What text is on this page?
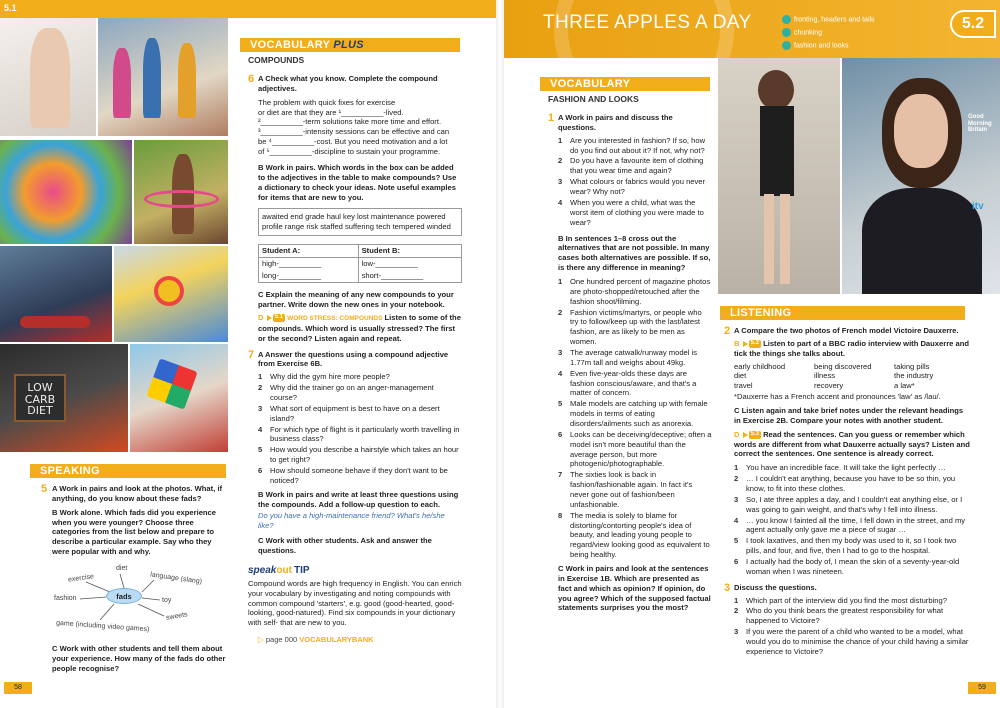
5.1
LOW CARB DIET
SPEAKING
5 A Work in pairs and look at the photos. What, if anything, do you know about these fads?
B Work alone. Which fads did you experience when you were younger? Choose three categories from the list below and prepare to describe a particular example. Say who they were popular with and why.
fads
diet
exercise	language (slang)
fashion	toy
sweets
game (including video games)
C Work with other students and tell them about your experience. How many of the fads do other people recognise?
VOCABULARY PLUS
COMPOUNDS
6 A Check what you know. Complete the compound adjectives.
The problem with quick fixes for exercise
or diet are that they are ¹__________-lived.
²__________-term solutions take more time and effort.
³__________-intensity sessions can be effective and can
be ⁴__________-cost. But you need motivation and a lot
of ⁵__________-discipline to sustain your programme.
B Work in pairs. Which words in the box can be added to the adjectives in the table to make compounds? Use a dictionary to check your ideas. Note useful examples for items that are new to you.
awaited end grade haul key lost maintenance powered profile range risk staffed suffering tech tempered winded
Student A:	Student B:
high-__________	low-__________
long-__________	short-__________
C Explain the meaning of any new compounds to your partner. Write down the new ones in your notebook.
D 5.1 WORD STRESS: COMPOUNDS Listen to some of the compounds. Which word is usually stressed? The first or the second? Listen again and repeat.
7 A Answer the questions using a compound adjective from Exercise 6B.
1 Why did the gym hire more people?
2 Why did the trainer go on an anger-management course?
3 What sort of equipment is best to have on a desert island?
4 For which type of flight is it particularly worth travelling in business class?
5 How would you describe a hairstyle which takes an hour to get right?
6 How should someone behave if they don't want to be noticed?
B Work in pairs and write at least three questions using the compounds. Add a follow-up question to each.
Do you have a high-maintenance friend? What's he/she like?
C Work with other students. Ask and answer the questions.
speakout TIP
Compound words are high frequency in English. You can enrich your vocabulary by investigating and noting compounds with common compound 'starters', e.g. good (good-hearted, good-looking, good-natured). Find six compounds in your dictionary with self- that are new to you.
▷ page 000 VOCABULARYBANK
58
THREE APPLES A DAY	fronting, headers and tails
chunking
fashion and looks
5.2
Good Morning Britain
itv
VOCABULARY
FASHION AND LOOKS
1 A Work in pairs and discuss the questions.
1 Are you interested in fashion? If so, how do you find out about it? If not, why not?
2 Do you have a favourite item of clothing that you wear time and again?
3 What colours or fabrics would you never wear? Why not?
4 When you were a child, what was the worst item of clothing you were made to wear?
B In sentences 1–8 cross out the alternatives that are not possible. In many cases both alternatives are possible. If so, is there any difference in meaning?
1 One hundred percent of magazine photos are photo-shopped/retouched after the fashion shoot/filming.
2 Fashion victims/martyrs, or people who try to follow/keep up with the last/latest fashion, are as likely to be men as women.
3 The average catwalk/runway model is 1.77m tall and weighs about 49kg.
4 Even five-year-olds these days are fashion conscious/aware, and that's a matter of concern.
5 Male models are catching up with female models in terms of eating disorders/ailments such as anorexia.
6 Looks can be deceiving/deceptive; often a model isn't more beautiful than the average person, but more photogenic/photographable.
7 The sixties look is back in fashion/fashionable again. In fact it's never gone out of fashion/been unfashionable.
8 The media is solely to blame for distorting/contorting people's idea of beauty, and leading young people to regard/view looking good as equivalent to being healthy.
C Work in pairs and look at the sentences in Exercise 1B. Which are presented as fact and which as opinion? If opinion, do you agree? Which of the supposed factual statements surprises you the most?
LISTENING
2 A Compare the two photos of French model Victoire Dauxerre.
B 5.2 Listen to part of a BBC radio interview with Dauxerre and tick the things she talks about.
early childhood	being discovered	taking pills
diet	illness	the industry
travel	recovery	a law*
*Dauxerre has a French accent and pronounces 'law' as /lau/.
C Listen again and take brief notes under the relevant headings in Exercise 2B. Compare your notes with another student.
D 5.3 Read the sentences. Can you guess or remember which words are different from what Dauxerre actually says? Listen and correct the sentences. One sentence is already correct.
1 You have an incredible face. It will take the light perfectly …
2 … I couldn't eat anything, because you have to be so thin, you know, to fit into these clothes.
3 So, I ate three apples a day, and I couldn't eat anything else, or I was going to gain weight, and that's why I fell into illness.
4 … you know I fainted all the time, I fell down in the street, and my agent actually only gave me a piece of sugar …
5 I took laxatives, and then my body was used to it, so I took two pills, and four, and five, then I had to go to the hospital.
6 I actually had the body of, I mean the skin of a seventy-year-old woman when I was nineteen.
3 Discuss the questions.
1 Which part of the interview did you find the most disturbing?
2 Who do you think bears the greatest responsibility for what happened to Victoire?
3 If you were the parent of a child who wanted to be a model, what would you do to minimise the chance of your child having a similar experience to Victoire?
59
